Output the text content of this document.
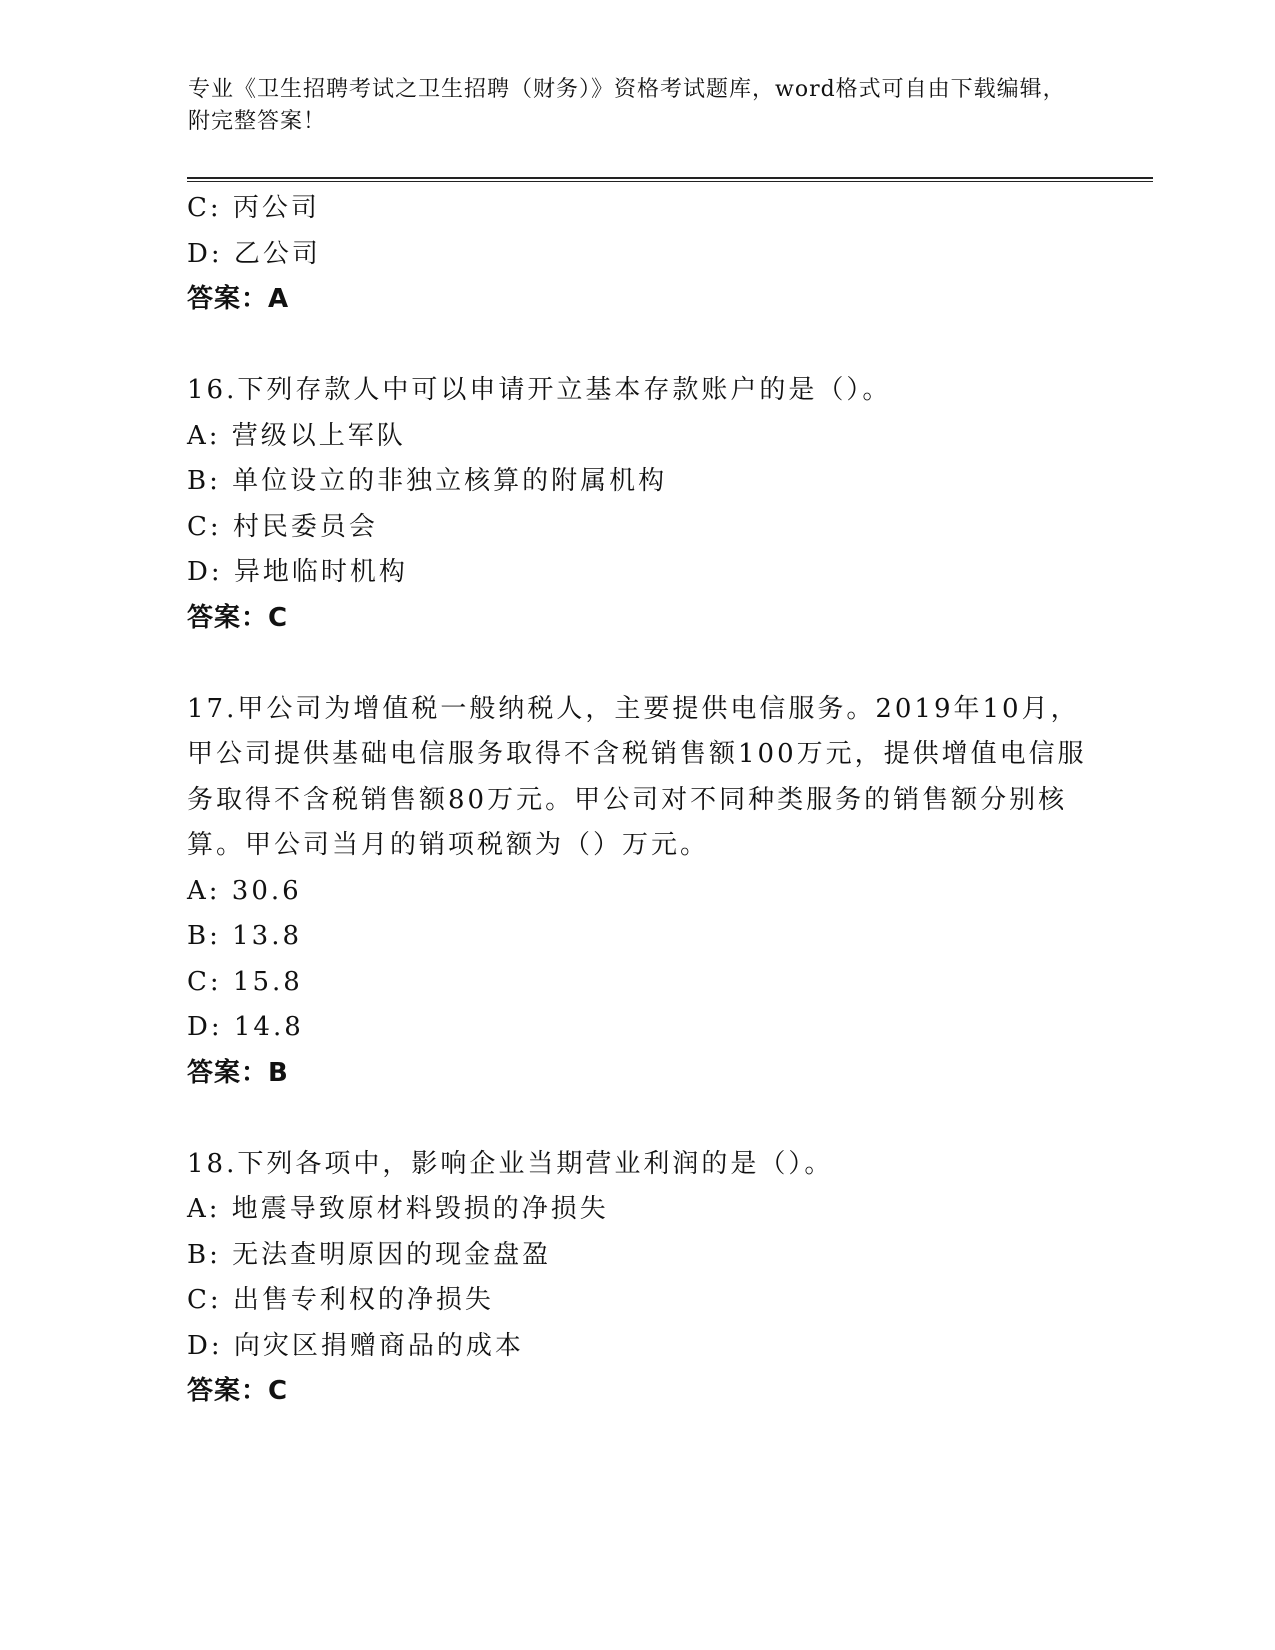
专业《卫生招聘考试之卫生招聘（财务）》资格考试题库，word格式可自由下载编辑，附完整答案！
C: 丙公司
D: 乙公司
答案：A
16.下列存款人中可以申请开立基本存款账户的是（）。
A: 营级以上军队
B: 单位设立的非独立核算的附属机构
C: 村民委员会
D: 异地临时机构
答案：C
17.甲公司为增值税一般纳税人，主要提供电信服务。2019年10月，甲公司提供基础电信服务取得不含税销售额100万元，提供增值电信服务取得不含税销售额80万元。甲公司对不同种类服务的销售额分别核算。甲公司当月的销项税额为（）万元。
A: 30.6
B: 13.8
C: 15.8
D: 14.8
答案：B
18.下列各项中，影响企业当期营业利润的是（）。
A: 地震导致原材料毁损的净损失
B: 无法查明原因的现金盘盈
C: 出售专利权的净损失
D: 向灾区捐赠商品的成本
答案：C
